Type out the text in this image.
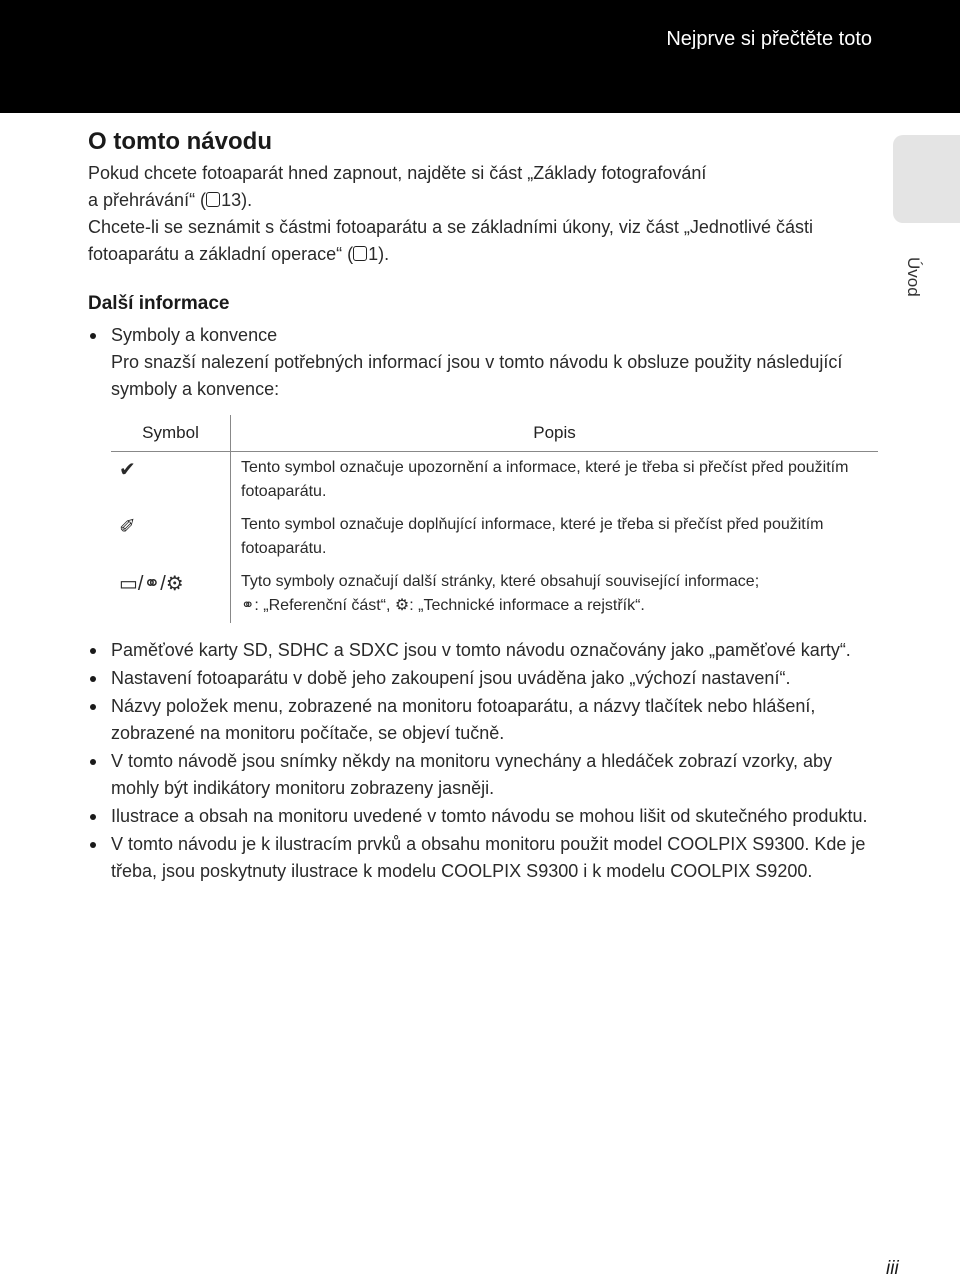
Nejprve si přečtěte toto
Úvod
O tomto návodu

Pokud chcete fotoaparát hned zapnout, najděte si část „Základy fotografování

a přehrávání“ ( 13).

Chcete-li se seznámit s částmi fotoaparátu a se základními úkony, viz část „Jednotlivé části

fotoaparátu a základní operace“ ( 1).

Další informace
Symboly a konvence
Pro snazší nalezení potřebných informací jsou v tomto návodu k obsluze použity následující symboly a konvence:
Symbol	Popis
✔	Tento symbol označuje upozornění a informace, které je třeba si přečíst před použitím fotoaparátu.
✐	Tento symbol označuje doplňující informace, které je třeba si přečíst před použitím fotoaparátu.
▭/⚭/⚙	Tyto symboly označují další stránky, které obsahují související informace;
⚭: „Referenční část“, ⚙: „Technické informace a rejstřík“.
Paměťové karty SD, SDHC a SDXC jsou v tomto návodu označovány jako „paměťové karty“.
Nastavení fotoaparátu v době jeho zakoupení jsou uváděna jako „výchozí nastavení“.
Názvy položek menu, zobrazené na monitoru fotoaparátu, a názvy tlačítek nebo hlášení, zobrazené na monitoru počítače, se objeví tučně.
V tomto návodě jsou snímky někdy na monitoru vynechány a hledáček zobrazí vzorky, aby mohly být indikátory monitoru zobrazeny jasněji.
Ilustrace a obsah na monitoru uvedené v tomto návodu se mohou lišit od skutečného produktu.
V tomto návodu je k ilustracím prvků a obsahu monitoru použit model COOLPIX S9300. Kde je třeba, jsou poskytnuty ilustrace k modelu COOLPIX S9300 i k modelu COOLPIX S9200.
iii
